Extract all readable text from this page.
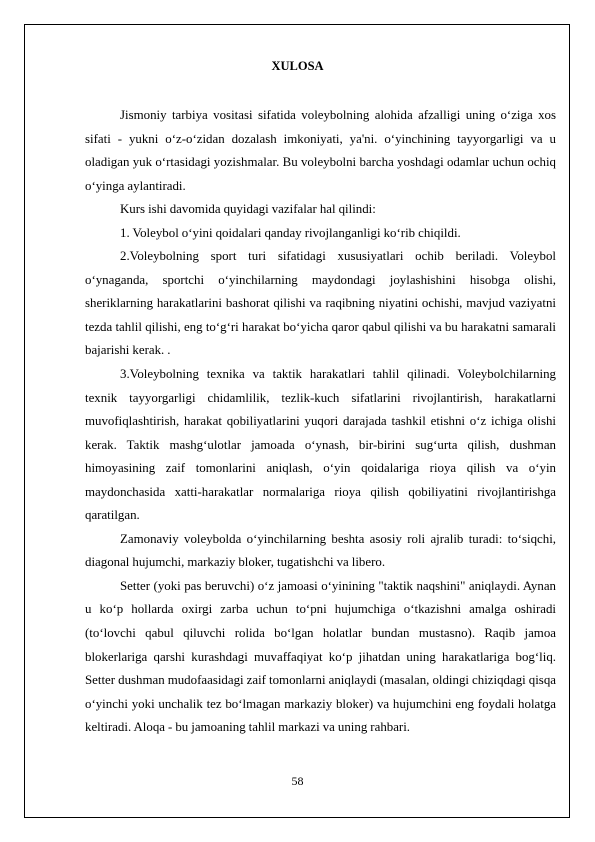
XULOSA

Jismoniy tarbiya vositasi sifatida voleybolning alohida afzalligi uning o‘ziga xos sifati - yukni o‘z-o‘zidan dozalash imkoniyati, ya'ni. o‘yinchining tayyorgarligi va u oladigan yuk o‘rtasidagi yozishmalar. Bu voleybolni barcha yoshdagi odamlar uchun ochiq o‘yinga aylantiradi.

Kurs ishi davomida quyidagi vazifalar hal qilindi:

1. Voleybol o‘yini qoidalari qanday rivojlanganligi ko‘rib chiqildi.

2.Voleybolning sport turi sifatidagi xususiyatlari ochib beriladi. Voleybol o‘ynaganda, sportchi o‘yinchilarning maydondagi joylashishini hisobga olishi, sheriklarning harakatlarini bashorat qilishi va raqibning niyatini ochishi, mavjud vaziyatni tezda tahlil qilishi, eng to‘g‘ri harakat bo‘yicha qaror qabul qilishi va bu harakatni samarali bajarishi kerak. .

3.Voleybolning texnika va taktik harakatlari tahlil qilinadi. Voleybolchilarning texnik tayyorgarligi chidamlilik, tezlik-kuch sifatlarini rivojlantirish, harakatlarni muvofiqlashtirish, harakat qobiliyatlarini yuqori darajada tashkil etishni o‘z ichiga olishi kerak. Taktik mashg‘ulotlar jamoada o‘ynash, bir-birini sug‘urta qilish, dushman himoyasining zaif tomonlarini aniqlash, o‘yin qoidalariga rioya qilish va o‘yin maydonchasida xatti-harakatlar normalariga rioya qilish qobiliyatini rivojlantirishga qaratilgan.

Zamonaviy voleybolda o‘yinchilarning beshta asosiy roli ajralib turadi: to‘siqchi, diagonal hujumchi, markaziy bloker, tugatishchi va libero.

Setter (yoki pas beruvchi) o‘z jamoasi o‘yinining "taktik naqshini" aniqlaydi. Aynan u ko‘p hollarda oxirgi zarba uchun to‘pni hujumchiga o‘tkazishni amalga oshiradi (to‘lovchi qabul qiluvchi rolida bo‘lgan holatlar bundan mustasno). Raqib jamoa blokerlariga qarshi kurashdagi muvaffaqiyat ko‘p jihatdan uning harakatlariga bog‘liq. Setter dushman mudofaasidagi zaif tomonlarni aniqlaydi (masalan, oldingi chiziqdagi qisqa o‘yinchi yoki unchalik tez bo‘lmagan markaziy bloker) va hujumchini eng foydali holatga keltiradi. Aloqa - bu jamoaning tahlil markazi va uning rahbari.

58
